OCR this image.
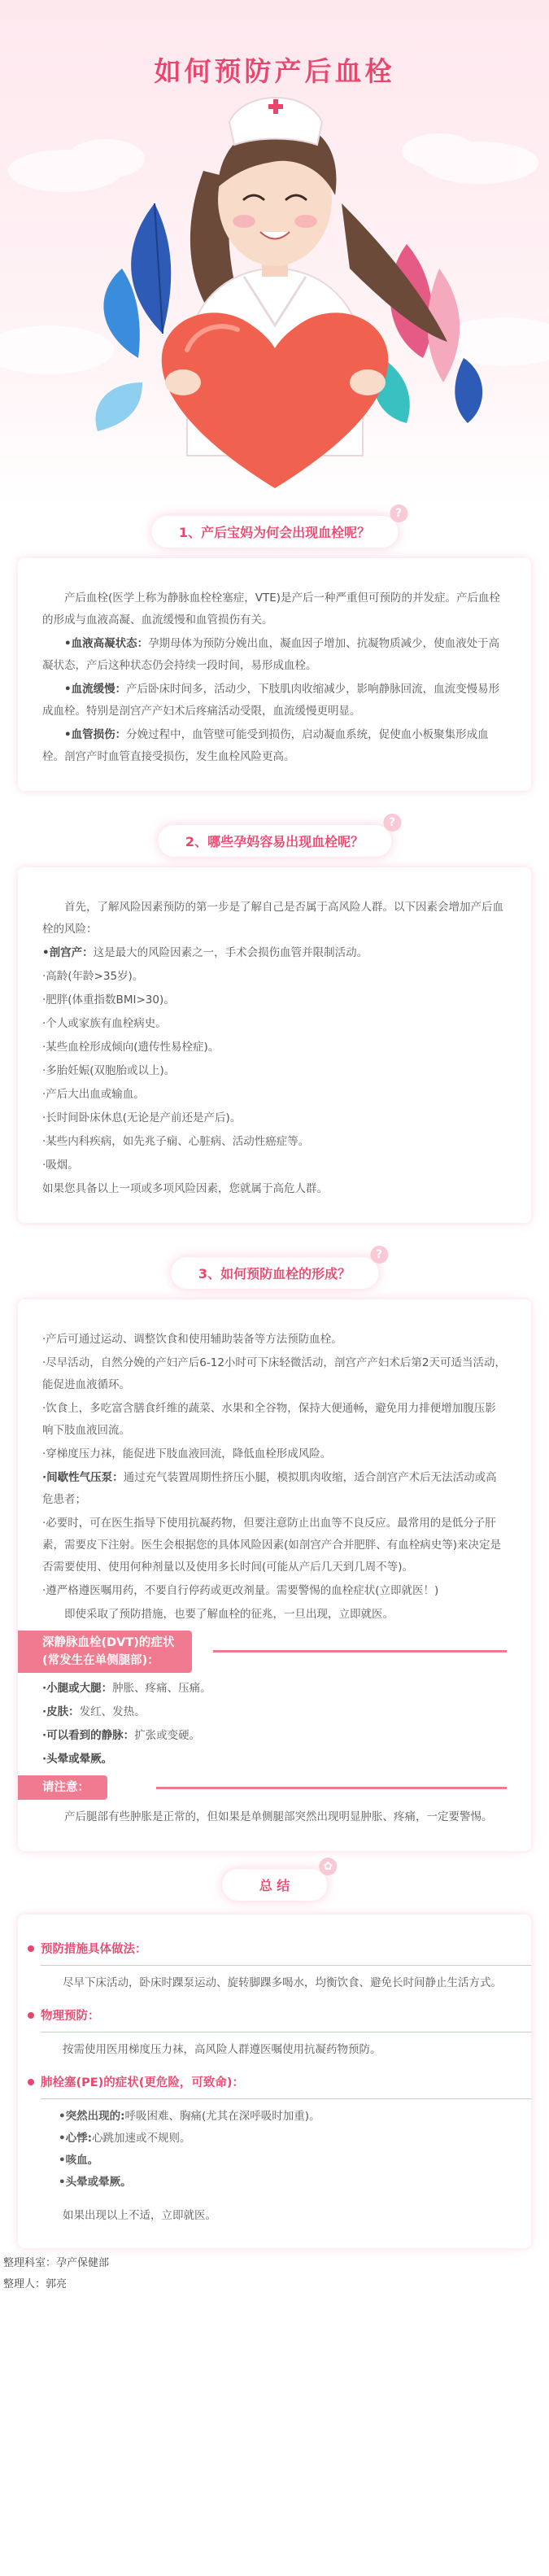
如何预防产后血栓
1、产后宝妈为何会出现血栓呢？
?

产后血栓(医学上称为静脉血栓栓塞症，VTE)是产后一种严重但可预防的并发症。产后血栓的形成与血液高凝、血流缓慢和血管损伤有关。

•血液高凝状态：孕期母体为预防分娩出血，凝血因子增加、抗凝物质减少，使血液处于高凝状态，产后这种状态仍会持续一段时间，易形成血栓。

•血流缓慢：产后卧床时间多，活动少，下肢肌肉收缩减少，影响静脉回流，血流变慢易形成血栓。特别是剖宫产产妇术后疼痛活动受限，血流缓慢更明显。

•血管损伤：分娩过程中，血管壁可能受到损伤，启动凝血系统，促使血小板聚集形成血栓。剖宫产时血管直接受损伤，发生血栓风险更高。

2、哪些孕妈容易出现血栓呢？
?

首先，了解风险因素预防的第一步是了解自己是否属于高风险人群。以下因素会增加产后血栓的风险：

•剖宫产：这是最大的风险因素之一，手术会损伤血管并限制活动。

·高龄(年龄>35岁)。

·肥胖(体重指数BMI>30)。

·个人或家族有血栓病史。

·某些血栓形成倾向(遗传性易栓症)。

·多胎妊娠(双胞胎或以上)。

·产后大出血或输血。

·长时间卧床休息(无论是产前还是产后)。

·某些内科疾病，如先兆子痫、心脏病、活动性癌症等。

·吸烟。

如果您具备以上一项或多项风险因素，您就属于高危人群。

3、如何预防血栓的形成？
?

·产后可通过运动、调整饮食和使用辅助装备等方法预防血栓。

·尽早活动，自然分娩的产妇产后6-12小时可下床轻微活动，剖宫产产妇术后第2天可适当活动，能促进血液循环。

·饮食上，多吃富含膳食纤维的蔬菜、水果和全谷物，保持大便通畅，避免用力排便增加腹压影响下肢血液回流。

·穿梯度压力袜，能促进下肢血液回流，降低血栓形成风险。

·间歇性气压泵：通过充气装置周期性挤压小腿，模拟肌肉收缩，适合剖宫产术后无法活动或高危患者；

·必要时，可在医生指导下使用抗凝药物，但要注意防止出血等不良反应。最常用的是低分子肝素，需要皮下注射。医生会根据您的具体风险因素(如剖宫产合并肥胖、有血栓病史等)来决定是否需要使用、使用何种剂量以及使用多长时间(可能从产后几天到几周不等)。

·遵严格遵医嘱用药，不要自行停药或更改剂量。需要警惕的血栓症状(立即就医！)

即使采取了预防措施，也要了解血栓的征兆，一旦出现，立即就医。

深静脉血栓(DVT)的症状
(常发生在单侧腿部)：

·小腿或大腿：肿胀、疼痛、压痛。

·皮肤：发红、发热。

·可以看到的静脉：扩张或变硬。

·头晕或晕厥。

请注意：

产后腿部有些肿胀是正常的，但如果是单侧腿部突然出现明显肿胀、疼痛，一定要警惕。

总 结
✿
预防措施具体做法：

尽早下床活动，卧床时踝泵运动、旋转脚踝多喝水，均衡饮食、避免长时间静止生活方式。

物理预防：

按需使用医用梯度压力袜，高风险人群遵医嘱使用抗凝药物预防。

肺栓塞(PE)的症状(更危险，可致命)：

•突然出现的:呼吸困难、胸痛(尤其在深呼吸时加重)。

•心悸:心跳加速或不规则。

•咳血。

•头晕或晕厥。

如果出现以上不适，立即就医。

整理科室：孕产保健部
整理人：郭亮
